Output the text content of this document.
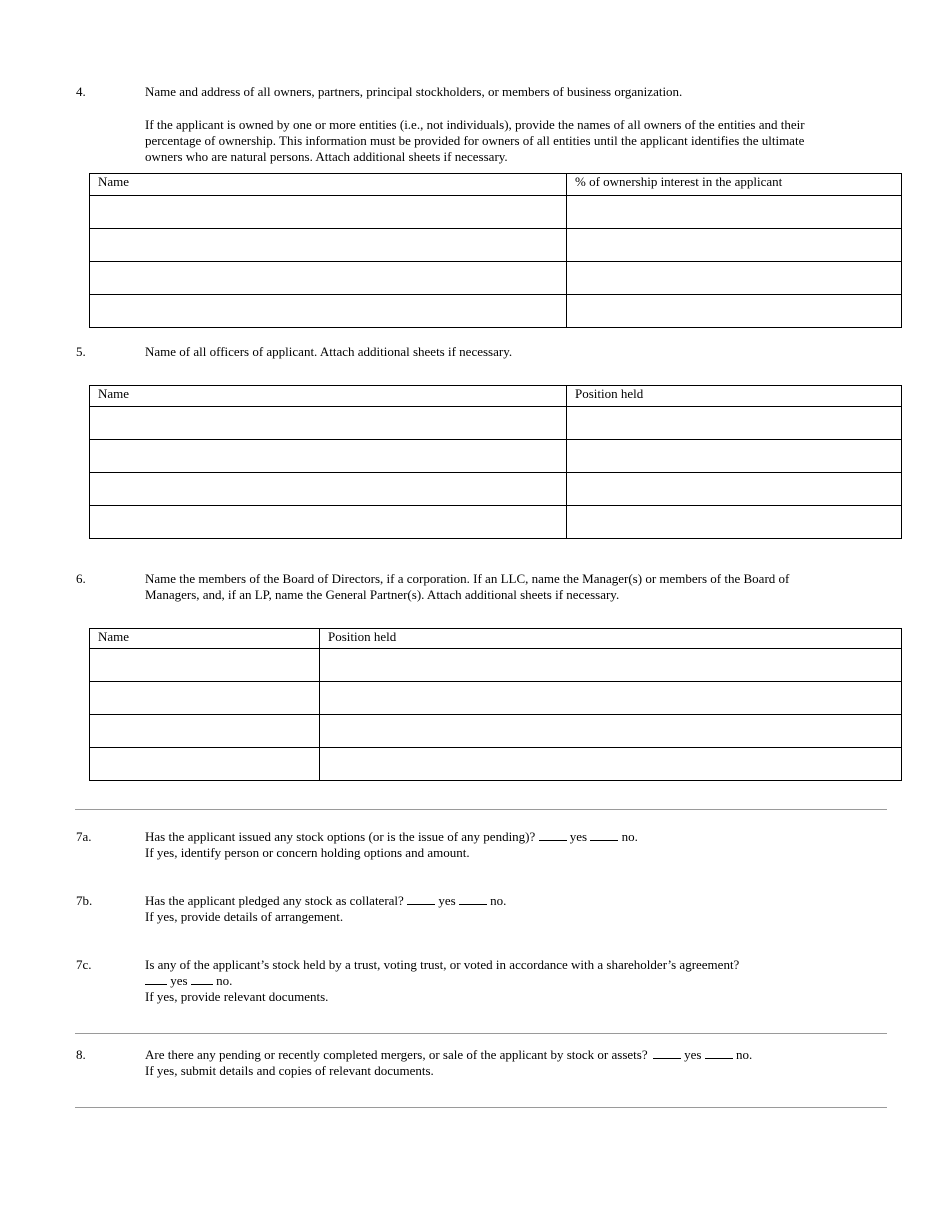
4.	Name and address of all owners, partners, principal stockholders, or members of business organization.
If the applicant is owned by one or more entities (i.e., not individuals), provide the names of all owners of the entities and their
percentage of ownership. This information must be provided for owners of all entities until the applicant identifies the ultimate
owners who are natural persons. Attach additional sheets if necessary.
Name	% of ownership interest in the applicant

5.	Name of all officers of applicant. Attach additional sheets if necessary.
Name	Position held

6.	Name the members of the Board of Directors, if a corporation. If an LLC, name the Manager(s) or members of the Board of
Managers, and, if an LP, name the General Partner(s). Attach additional sheets if necessary.
Name	Position held

7a.	Has the applicant issued any stock options (or is the issue of any pending)?	yes	no.
If yes, identify person or concern holding options and amount.
7b.	Has the applicant pledged any stock as collateral?	yes	no.
If yes, provide details of arrangement.
7c.	Is any of the applicant’s stock held by a trust, voting trust, or voted in accordance with a shareholder’s agreement?
yes no.
If yes, provide relevant documents.
8.	Are there any pending or recently completed mergers, or sale of the applicant by stock or assets?	yes	no.
If yes, submit details and copies of relevant documents.
